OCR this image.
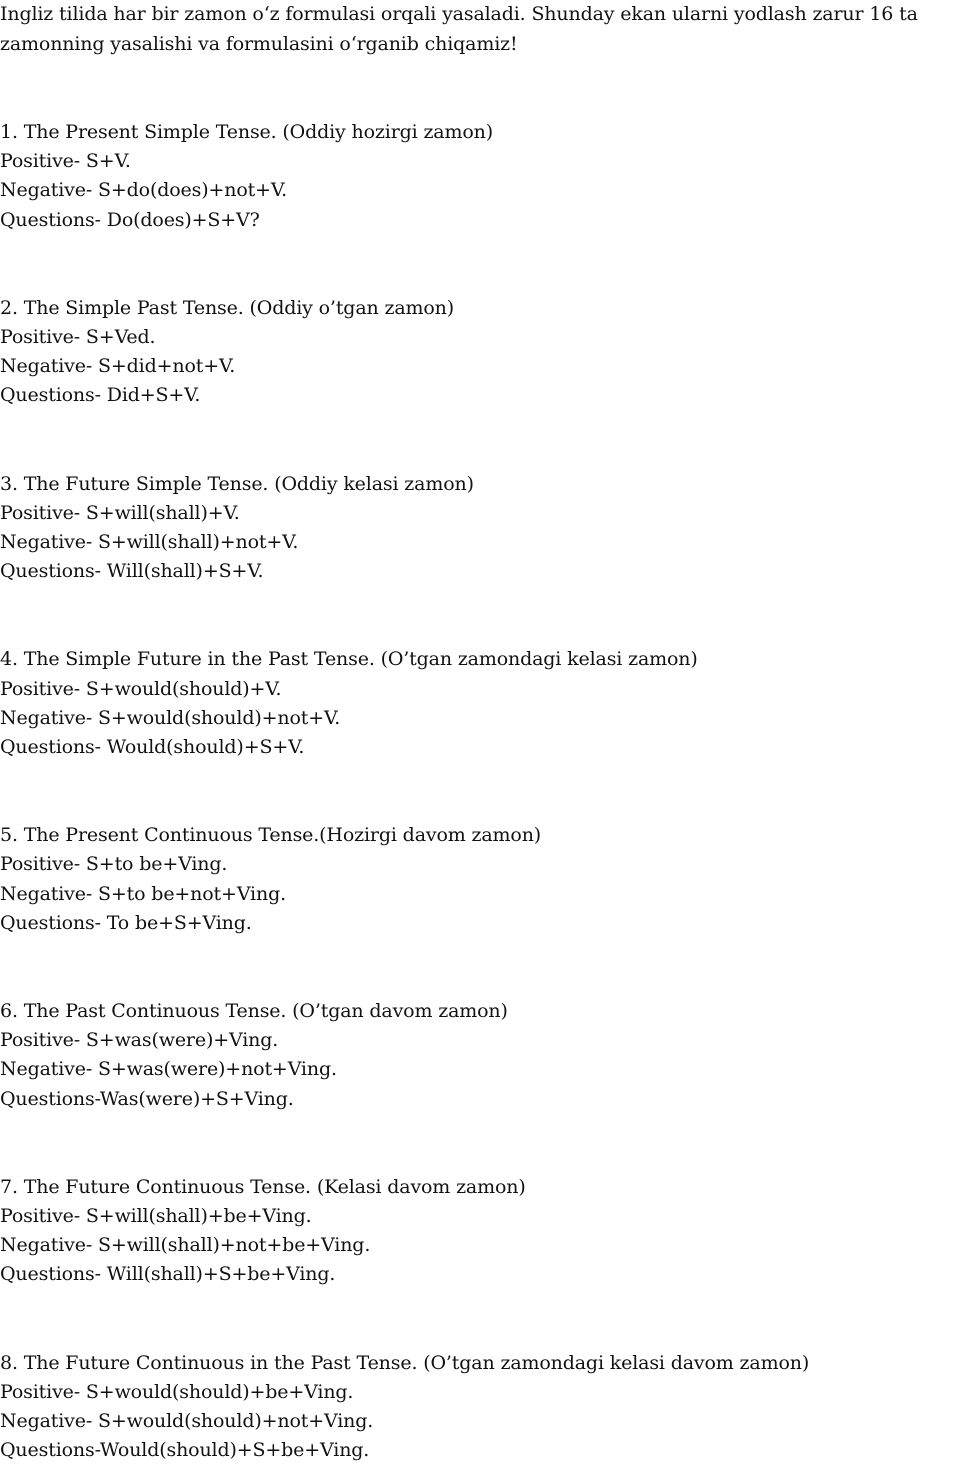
Ingliz tilida har bir zamon o‘z formulasi orqali yasaladi. Shunday ekan ularni yodlash zarur 16 ta zamonning yasalishi va formulasini o‘rganib chiqamiz!

1. The Present Simple Tense. (Oddiy hozirgi zamon)

Positive- S+V.

Negative- S+do(does)+not+V.

Questions- Do(does)+S+V?

2. The Simple Past Tense. (Oddiy o’tgan zamon)

Positive- S+Ved.

Negative- S+did+not+V.

Questions- Did+S+V.

3. The Future Simple Tense. (Oddiy kelasi zamon)

Positive- S+will(shall)+V.

Negative- S+will(shall)+not+V.

Questions- Will(shall)+S+V.

4. The Simple Future in the Past Tense. (O’tgan zamondagi kelasi zamon)

Positive- S+would(should)+V.

Negative- S+would(should)+not+V.

Questions- Would(should)+S+V.

5. The Present Continuous Tense.(Hozirgi davom zamon)

Positive- S+to be+Ving.

Negative- S+to be+not+Ving.

Questions- To be+S+Ving.

6. The Past Continuous Tense. (O’tgan davom zamon)

Positive- S+was(were)+Ving.

Negative- S+was(were)+not+Ving.

Questions-Was(were)+S+Ving.

7. The Future Continuous Tense. (Kelasi davom zamon)

Positive- S+will(shall)+be+Ving.

Negative- S+will(shall)+not+be+Ving.

Questions- Will(shall)+S+be+Ving.

8. The Future Continuous in the Past Tense. (O’tgan zamondagi kelasi davom zamon)

Positive- S+would(should)+be+Ving.

Negative- S+would(should)+not+Ving.

Questions-Would(should)+S+be+Ving.
